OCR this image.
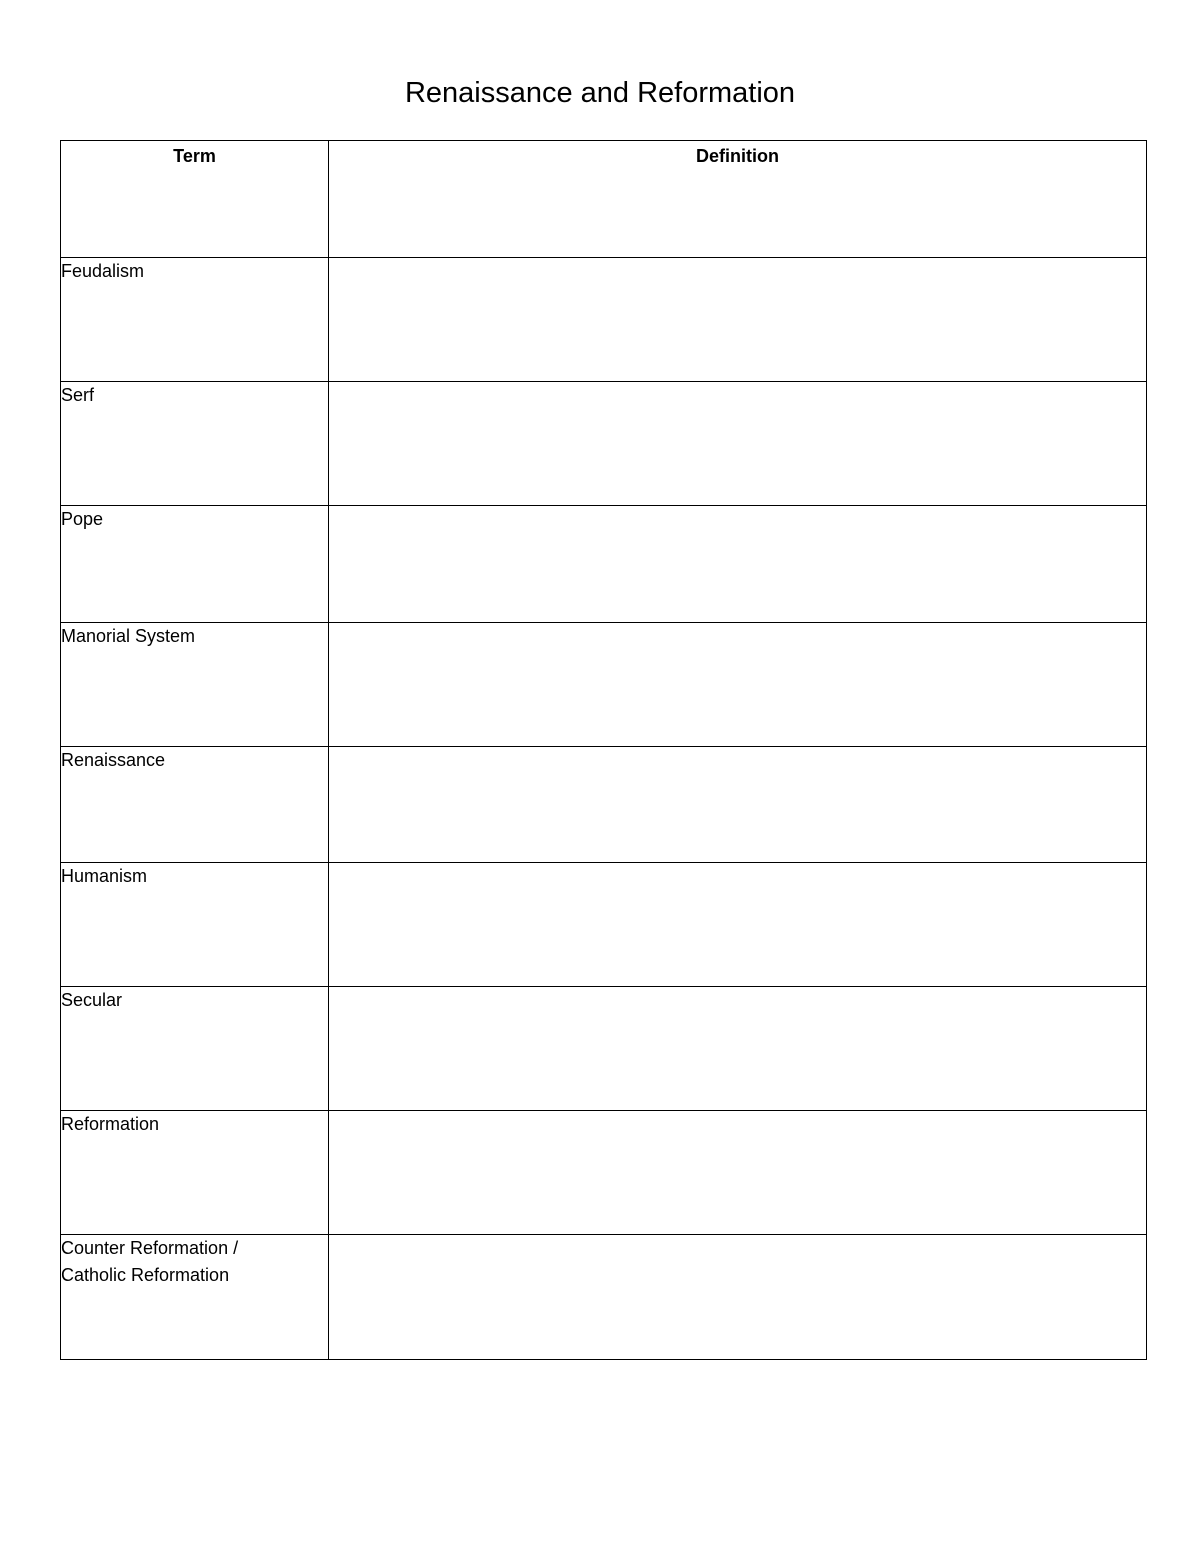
Renaissance and Reformation
Term	Definition

Feudalism	

Serf	

Pope	

Manorial System	

Renaissance	

Humanism	

Secular	

Reformation	

Counter Reformation /
Catholic Reformation	
